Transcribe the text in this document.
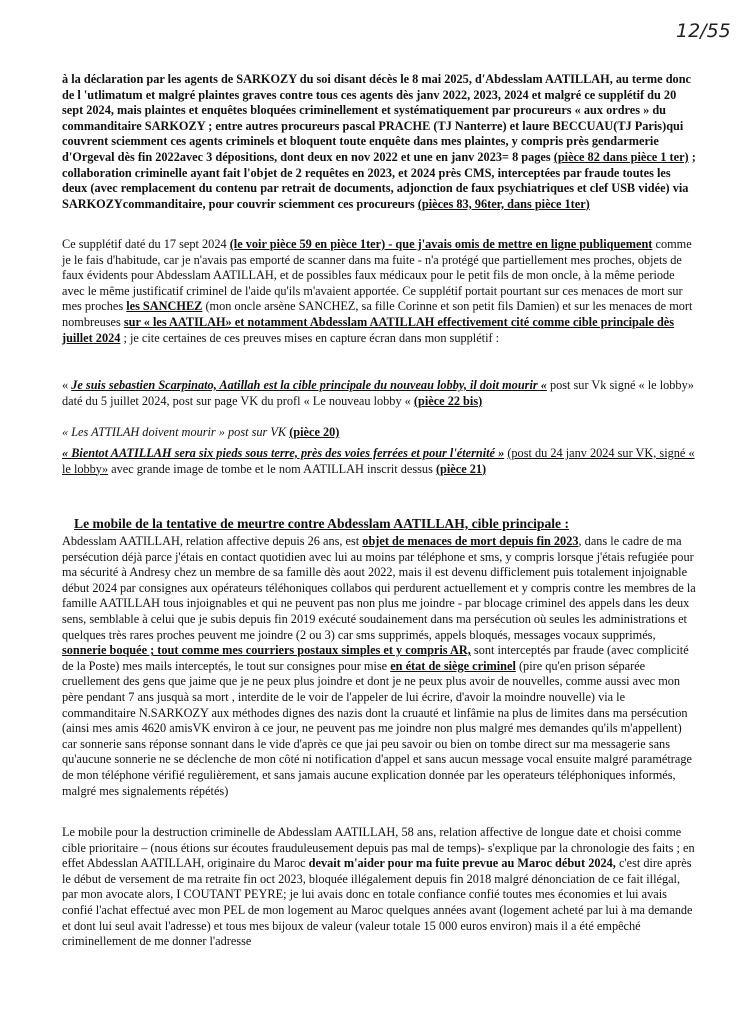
12/55
à la déclaration par les agents de SARKOZY du soi disant décès le 8 mai 2025, d'Abdesslam AATILLAH, au terme donc de l 'utlimatum et malgré plaintes graves contre tous ces agents dès janv 2022, 2023, 2024 et malgré ce supplétif du 20 sept 2024, mais plaintes et enquêtes bloquées criminellement et systématiquement par procureurs « aux ordres » du commanditaire SARKOZY ; entre autres procureurs pascal PRACHE (TJ Nanterre) et laure BECCUAU(TJ Paris)qui couvrent sciemment ces agents criminels et bloquent toute enquête dans mes plaintes, y compris près gendarmerie d'Orgeval dès fin 2022avec 3 dépositions, dont deux en nov 2022 et une en janv 2023= 8 pages (pièce 82 dans pièce 1 ter) ; collaboration criminelle ayant fait l'objet de 2 requêtes en 2023, et 2024 près CMS, interceptées par fraude toutes les deux (avec remplacement du contenu par retrait de documents, adjonction de faux psychiatriques et clef USB vidée) via SARKOZYcommanditaire, pour couvrir sciemment ces procureurs (pièces 83, 96ter, dans pièce 1ter)
Ce supplétif daté du 17 sept 2024 (le voir pièce 59 en pièce 1ter) - que j'avais omis de mettre en ligne publiquement comme je le fais d'habitude, car je n'avais pas emporté de scanner dans ma fuite - n'a protégé que partiellement mes proches, objets de faux évidents pour Abdesslam AATILLAH, et de possibles faux médicaux pour le petit fils de mon oncle, à la même periode avec le même justificatif criminel de l'aide qu'ils m'avaient apportée. Ce supplétif portait pourtant sur ces menaces de mort sur mes proches les SANCHEZ (mon oncle arsène SANCHEZ, sa fille Corinne et son petit fils Damien) et sur les menaces de mort nombreuses sur « les AATILAH» et notamment Abdesslam AATILLAH effectivement cité comme cible principale dès juillet 2024 ; je cite certaines de ces preuves mises en capture écran dans mon supplétif :
« Je suis sebastien Scarpinato, Aatillah est la cible principale du nouveau lobby, il doit mourir « post sur Vk signé « le lobby» daté du 5 juillet 2024, post sur page VK du profl « Le nouveau lobby « (pièce 22 bis)
« Les ATTILAH doivent mourir » post sur VK (pièce 20)
« Bientot AATILLAH sera six pieds sous terre, près des voies ferrées et pour l'éternité » (post du 24 janv 2024 sur VK, signé « le lobby» avec grande image de tombe et le nom AATILLAH inscrit dessus (pièce 21)
Le mobile de la tentative de meurtre contre Abdesslam AATILLAH, cible principale :
Abdesslam AATILLAH, relation affective depuis 26 ans, est objet de menaces de mort depuis fin 2023, dans le cadre de ma persécution déjà parce j'étais en contact quotidien avec lui au moins par téléphone et sms, y compris lorsque j'étais refugiée pour ma sécurité à Andresy chez un membre de sa famille dès aout 2022, mais il est devenu difficlement puis totalement injoignable début 2024 par consignes aux opérateurs téléhoniques collabos qui perdurent actuellement et y compris contre les membres de la famille AATILLAH tous injoignables et qui ne peuvent pas non plus me joindre - par blocage criminel des appels dans les deux sens, semblable à celui que je subis depuis fin 2019 exécuté soudainement dans ma persécution où seules les administrations et quelques très rares proches peuvent me joindre (2 ou 3) car sms supprimés, appels bloqués, messages vocaux supprimés, sonnerie boquée ; tout comme mes courriers postaux simples et y compris AR, sont interceptés par fraude (avec complicité de la Poste) mes mails interceptés, le tout sur consignes pour mise en état de siège criminel (pire qu'en prison séparée cruellement des gens que jaime que je ne peux plus joindre et dont je ne peux plus avoir de nouvelles, comme aussi avec mon père pendant 7 ans jusquà sa mort , interdite de le voir de l'appeler de lui écrire, d'avoir la moindre nouvelle) via le commanditaire N.SARKOZY aux méthodes dignes des nazis dont la cruauté et linfâmie na plus de limites dans ma persécution (ainsi mes amis 4620 amisVK environ à ce jour, ne peuvent pas me joindre non plus malgré mes demandes qu'ils m'appellent) car sonnerie sans réponse sonnant dans le vide d'après ce que jai peu savoir ou bien on tombe direct sur ma messagerie sans qu'aucune sonnerie ne se déclenche de mon côté ni notification d'appel et sans aucun message vocal ensuite malgré paramétrage de mon téléphone vérifié regulièrement, et sans jamais aucune explication donnée par les operateurs téléphoniques informés, malgré mes signalements répétés)
Le mobile pour la destruction criminelle de Abdesslam AATILLAH, 58 ans, relation affective de longue date et choisi comme cible prioritaire – (nous étions sur écoutes frauduleusement depuis pas mal de temps)- s'explique par la chronologie des faits ; en effet Abdesslan AATILLAH, originaire du Maroc devait m'aider pour ma fuite prevue au Maroc début 2024, c'est dire après le début de versement de ma retraite fin oct 2023, bloquée illégalement depuis fin 2018 malgré dénonciation de ce fait illégal, par mon avocate alors, I COUTANT PEYRE; je lui avais donc en totale confiance confié toutes mes économies et lui avais confié l'achat effectué avec mon PEL de mon logement au Maroc quelques années avant (logement acheté par lui à ma demande et dont lui seul avait l'adresse) et tous mes bijoux de valeur (valeur totale 15 000 euros environ) mais il a été empêché criminellement de me donner l'adresse
